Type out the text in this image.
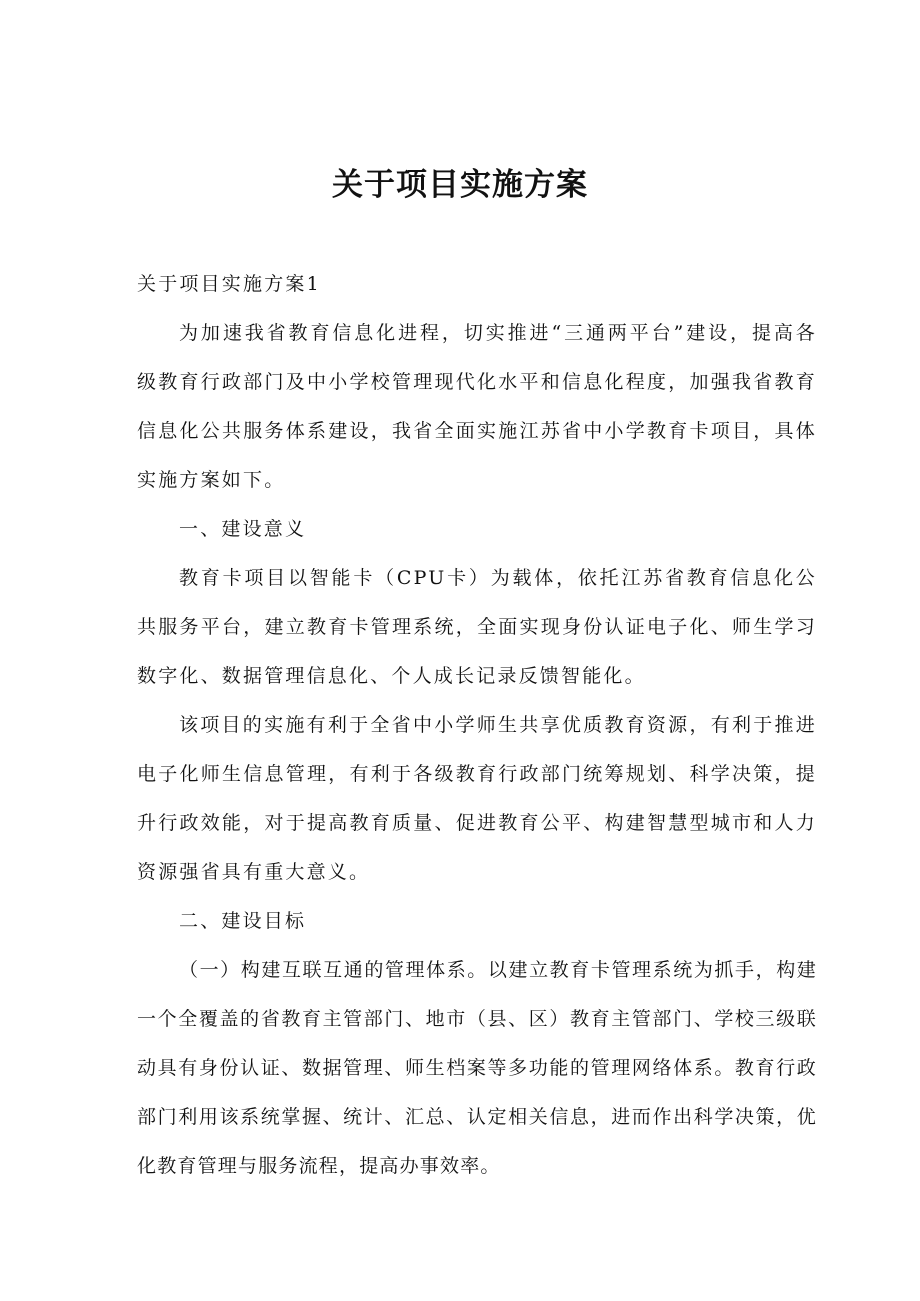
关于项目实施方案

关于项目实施方案1

为加速我省教育信息化进程，切实推进“三通两平台”建设，提高各级教育行政部门及中小学校管理现代化水平和信息化程度，加强我省教育信息化公共服务体系建设，我省全面实施江苏省中小学教育卡项目，具体实施方案如下。

一、建设意义

教育卡项目以智能卡（CPU卡）为载体，依托江苏省教育信息化公共服务平台，建立教育卡管理系统，全面实现身份认证电子化、师生学习数字化、数据管理信息化、个人成长记录反馈智能化。

该项目的实施有利于全省中小学师生共享优质教育资源，有利于推进电子化师生信息管理，有利于各级教育行政部门统筹规划、科学决策，提升行政效能，对于提高教育质量、促进教育公平、构建智慧型城市和人力资源强省具有重大意义。

二、建设目标

（一）构建互联互通的管理体系。以建立教育卡管理系统为抓手，构建一个全覆盖的省教育主管部门、地市（县、区）教育主管部门、学校三级联动具有身份认证、数据管理、师生档案等多功能的管理网络体系。教育行政部门利用该系统掌握、统计、汇总、认定相关信息，进而作出科学决策，优化教育管理与服务流程，提高办事效率。
